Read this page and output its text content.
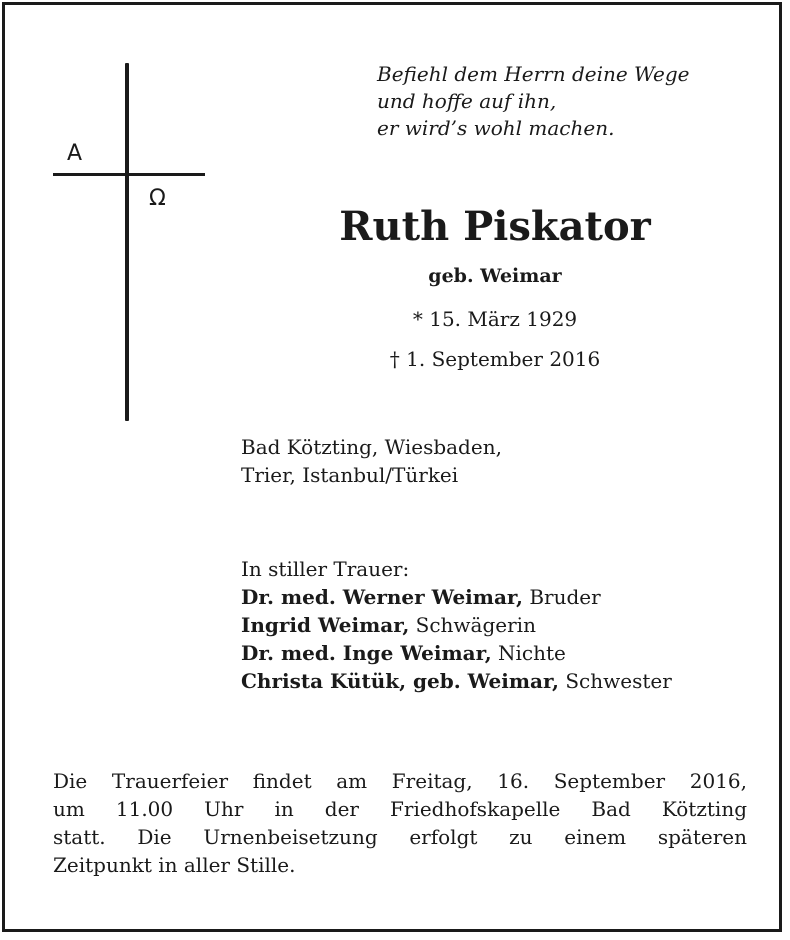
A
Ω
Befiehl dem Herrn deine Wege
und hoffe auf ihn,
er wird’s wohl machen.
Ruth Piskator
geb. Weimar
* 15. März 1929
† 1. September 2016
Bad Kötzting, Wiesbaden,
Trier, Istanbul/Türkei
In stiller Trauer:
Dr. med. Werner Weimar, Bruder
Ingrid Weimar, Schwägerin
Dr. med. Inge Weimar, Nichte
Christa Kütük, geb. Weimar, Schwester
Die Trauerfeier findet am Freitag, 16. September 2016,
um 11.00 Uhr in der Friedhofskapelle Bad Kötzting
statt. Die Urnenbeisetzung erfolgt zu einem späteren
Zeitpunkt in aller Stille.
